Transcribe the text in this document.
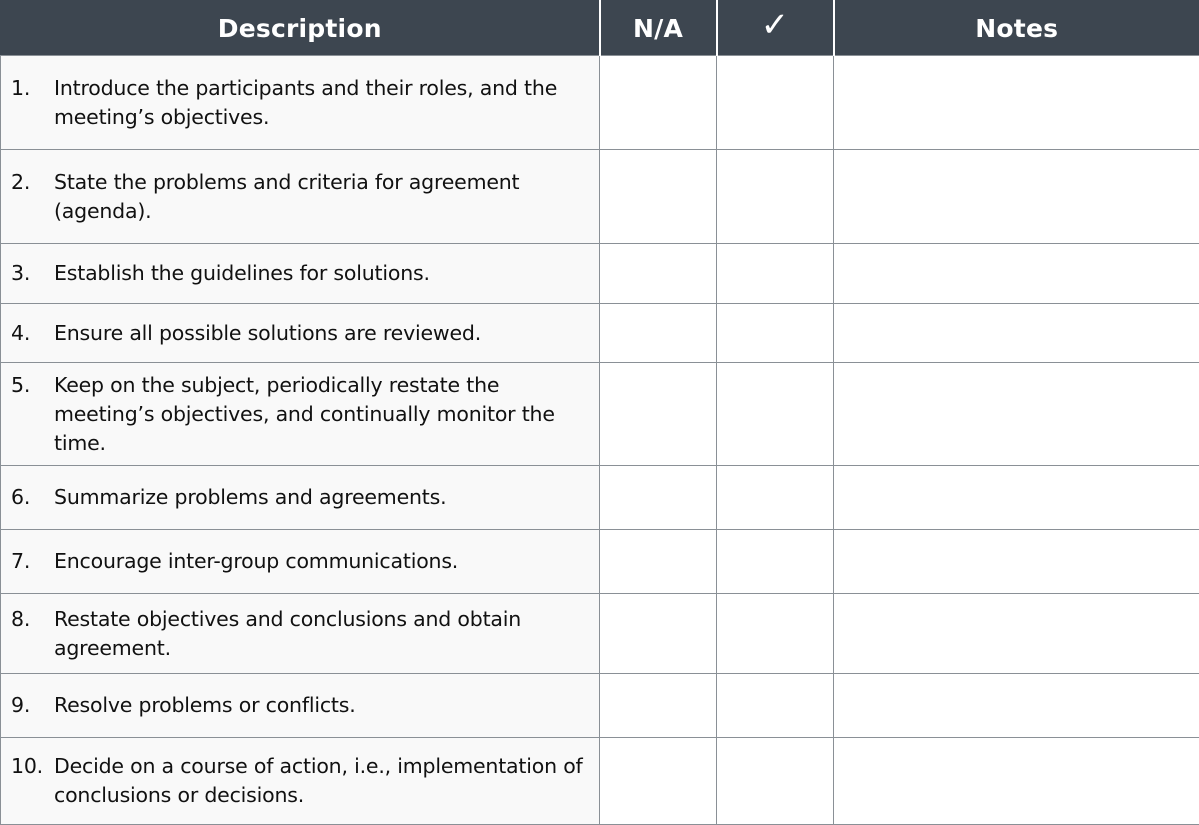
Description	N/A	✓	Notes

1. Introduce the participants and their roles, and the meeting’s objectives.			

2. State the problems and criteria for agreement (agenda).			

3. Establish the guidelines for solutions.			

4. Ensure all possible solutions are reviewed.			

5. Keep on the subject, periodically restate the meeting’s objectives, and continually monitor the time.			

6. Summarize problems and agreements.			

7. Encourage inter-group communications.			

8. Restate objectives and conclusions and obtain agreement.			

9. Resolve problems or conflicts.			

10. Decide on a course of action, i.e., implementation of conclusions or decisions.			
